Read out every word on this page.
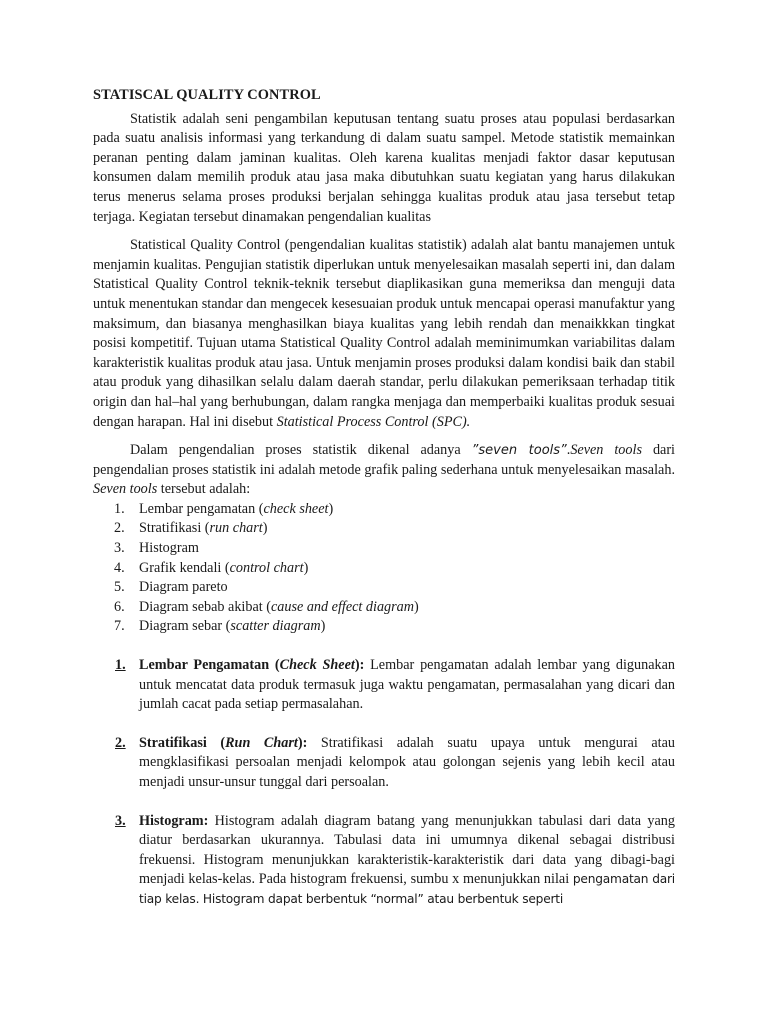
STATISCAL QUALITY CONTROL

Statistik adalah seni pengambilan keputusan tentang suatu proses atau populasi berdasarkan pada suatu analisis informasi yang terkandung di dalam suatu sampel. Metode statistik memainkan peranan penting dalam jaminan kualitas. Oleh karena kualitas menjadi faktor dasar keputusan konsumen dalam memilih produk atau jasa maka dibutuhkan suatu kegiatan yang harus dilakukan terus menerus selama proses produksi berjalan sehingga kualitas produk atau jasa tersebut tetap terjaga. Kegiatan tersebut dinamakan pengendalian kualitas

Statistical Quality Control (pengendalian kualitas statistik) adalah alat bantu manajemen untuk menjamin kualitas. Pengujian statistik diperlukan untuk menyelesaikan masalah seperti ini, dan dalam Statistical Quality Control teknik-teknik tersebut diaplikasikan guna memeriksa dan menguji data untuk menentukan standar dan mengecek kesesuaian produk untuk mencapai operasi manufaktur yang maksimum, dan biasanya menghasilkan biaya kualitas yang lebih rendah dan menaikkkan tingkat posisi kompetitif. Tujuan utama Statistical Quality Control adalah meminimumkan variabilitas dalam karakteristik kualitas produk atau jasa. Untuk menjamin proses produksi dalam kondisi baik dan stabil atau produk yang dihasilkan selalu dalam daerah standar, perlu dilakukan pemeriksaan terhadap titik origin dan hal–hal yang berhubungan, dalam rangka menjaga dan memperbaiki kualitas produk sesuai dengan harapan. Hal ini disebut Statistical Process Control (SPC).

Dalam pengendalian proses statistik dikenal adanya ”seven tools”.Seven tools dari pengendalian proses statistik ini adalah metode grafik paling sederhana untuk menyelesaikan masalah. Seven tools tersebut adalah:

1. Lembar pengamatan (check sheet)
2. Stratifikasi (run chart)
3. Histogram
4. Grafik kendali (control chart)
5. Diagram pareto
6. Diagram sebab akibat (cause and effect diagram)
7. Diagram sebar (scatter diagram)
1. Lembar Pengamatan (Check Sheet): Lembar pengamatan adalah lembar yang digunakan untuk mencatat data produk termasuk juga waktu pengamatan, permasalahan yang dicari dan jumlah cacat pada setiap permasalahan.
2. Stratifikasi (Run Chart): Stratifikasi adalah suatu upaya untuk mengurai atau mengklasifikasi persoalan menjadi kelompok atau golongan sejenis yang lebih kecil atau menjadi unsur-unsur tunggal dari persoalan.
3. Histogram: Histogram adalah diagram batang yang menunjukkan tabulasi dari data yang diatur berdasarkan ukurannya. Tabulasi data ini umumnya dikenal sebagai distribusi frekuensi. Histogram menunjukkan karakteristik-karakteristik dari data yang dibagi-bagi menjadi kelas-kelas. Pada histogram frekuensi, sumbu x menunjukkan nilai pengamatan dari tiap kelas. Histogram dapat berbentuk “normal” atau berbentuk seperti
